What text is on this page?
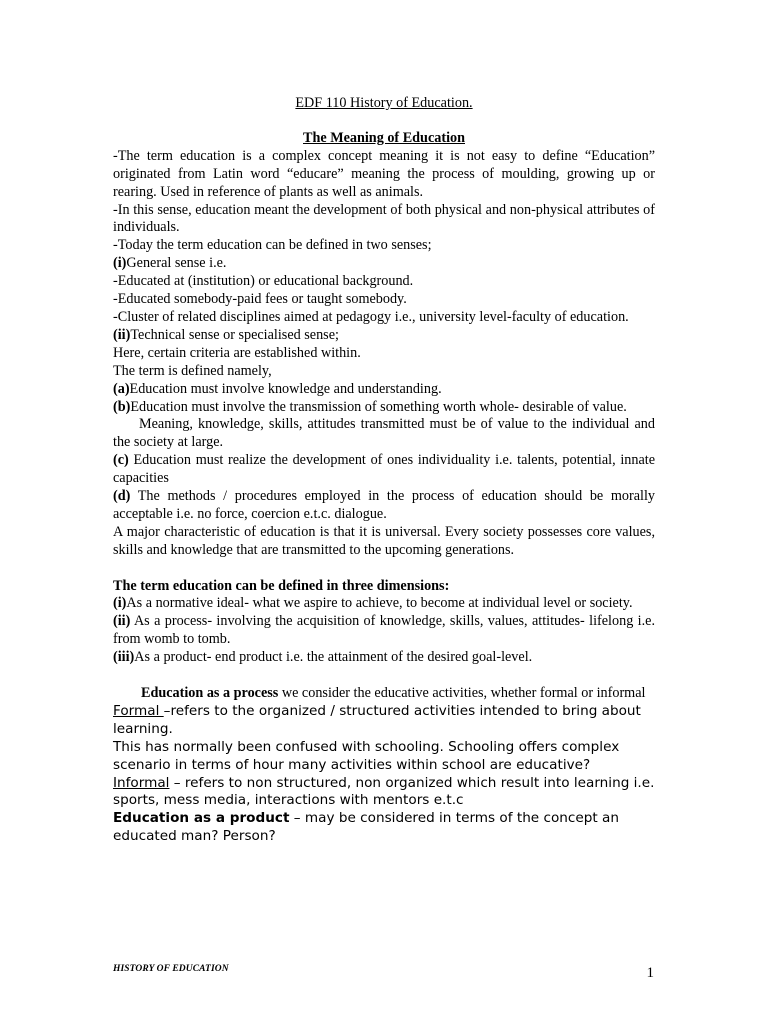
EDF 110 History of Education.

The Meaning of Education

-The term education is a complex concept meaning it is not easy to define “Education” originated from Latin word “educare” meaning the process of moulding, growing up or rearing. Used in reference of plants as well as animals.

-In this sense, education meant the development of both physical and non-physical attributes of individuals.

-Today the term education can be defined in two senses;

(i)General sense i.e.

-Educated at (institution) or educational background.

-Educated somebody-paid fees or taught somebody.

-Cluster of related disciplines aimed at pedagogy i.e., university level-faculty of education.

(ii)Technical sense or specialised sense;

Here, certain criteria are established within.

The term is defined namely,

(a)Education must involve knowledge and understanding.

(b)Education must involve the transmission of something worth whole- desirable of value.

Meaning, knowledge, skills, attitudes transmitted must be of value to the individual and the society at large.

(c) Education must realize the development of ones individuality i.e. talents, potential, innate capacities

(d) The methods / procedures employed in the process of education should be morally acceptable i.e. no force, coercion e.t.c. dialogue.

A major characteristic of education is that it is universal. Every society possesses core values, skills and knowledge that are transmitted to the upcoming generations.

The term education can be defined in three dimensions:

(i)As a normative ideal- what we aspire to achieve, to become at individual level or society.

(ii) As a process- involving the acquisition of knowledge, skills, values, attitudes- lifelong i.e. from womb to tomb.

(iii)As a product- end product i.e. the attainment of the desired goal-level.

Education as a process we consider the educative activities, whether formal or informal

Formal –refers to the organized / structured activities intended to bring about learning.

This has normally been confused with schooling. Schooling offers complex scenario in terms of hour many activities within school are educative?

Informal – refers to non structured, non organized which result into learning i.e. sports, mess media, interactions with mentors e.t.c

Education as a product – may be considered in terms of the concept an educated man? Person?

HISTORY OF EDUCATION	1
